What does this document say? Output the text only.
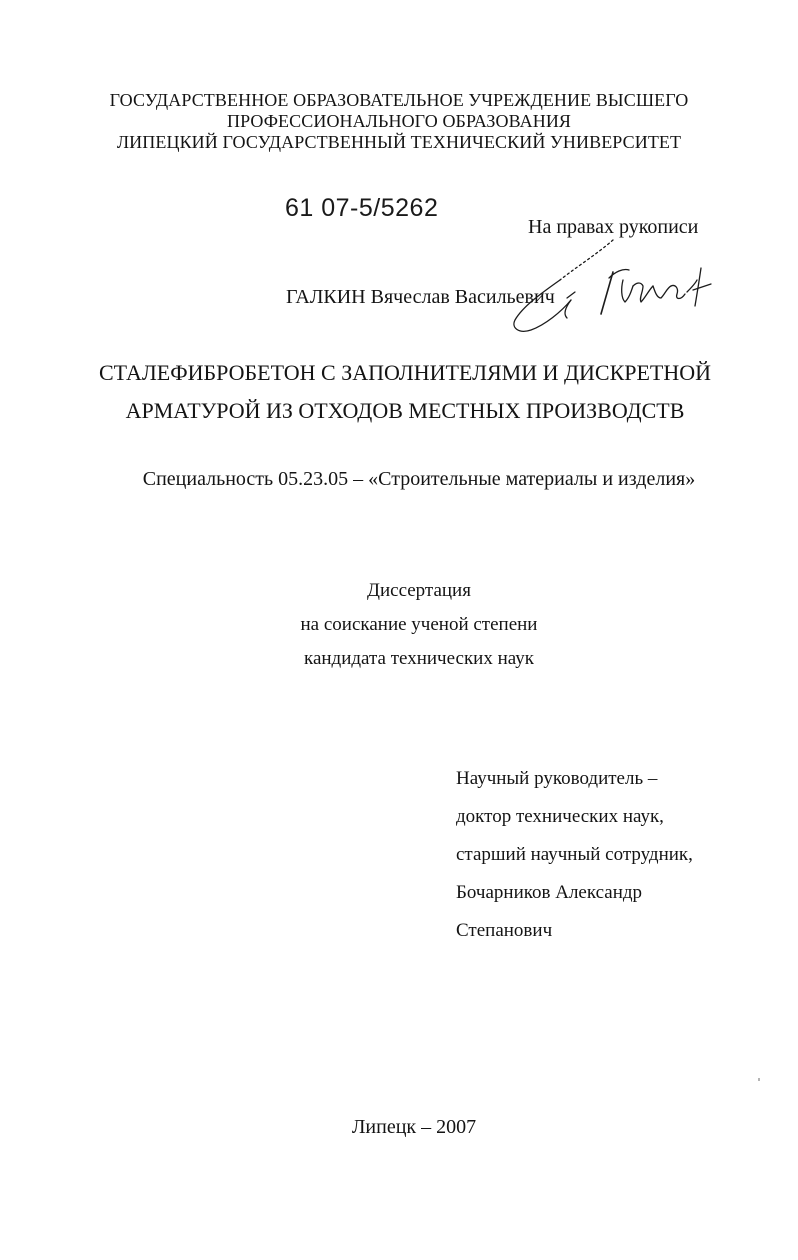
ГОСУДАРСТВЕННОЕ ОБРАЗОВАТЕЛЬНОЕ УЧРЕЖДЕНИЕ ВЫСШЕГО
ПРОФЕССИОНАЛЬНОГО ОБРАЗОВАНИЯ
ЛИПЕЦКИЙ ГОСУДАРСТВЕННЫЙ ТЕХНИЧЕСКИЙ УНИВЕРСИТЕТ
61 07-5/5262
На правах рукописи
ГАЛКИН Вячеслав Васильевич
СТАЛЕФИБРОБЕТОН С ЗАПОЛНИТЕЛЯМИ И ДИСКРЕТНОЙ
АРМАТУРОЙ ИЗ ОТХОДОВ МЕСТНЫХ ПРОИЗВОДСТВ
Специальность 05.23.05 – «Строительные материалы и изделия»
Диссертация
на соискание ученой степени
кандидата технических наук
Научный руководитель –
доктор технических наук,
старший научный сотрудник,
Бочарников Александр
Степанович
Липецк – 2007
